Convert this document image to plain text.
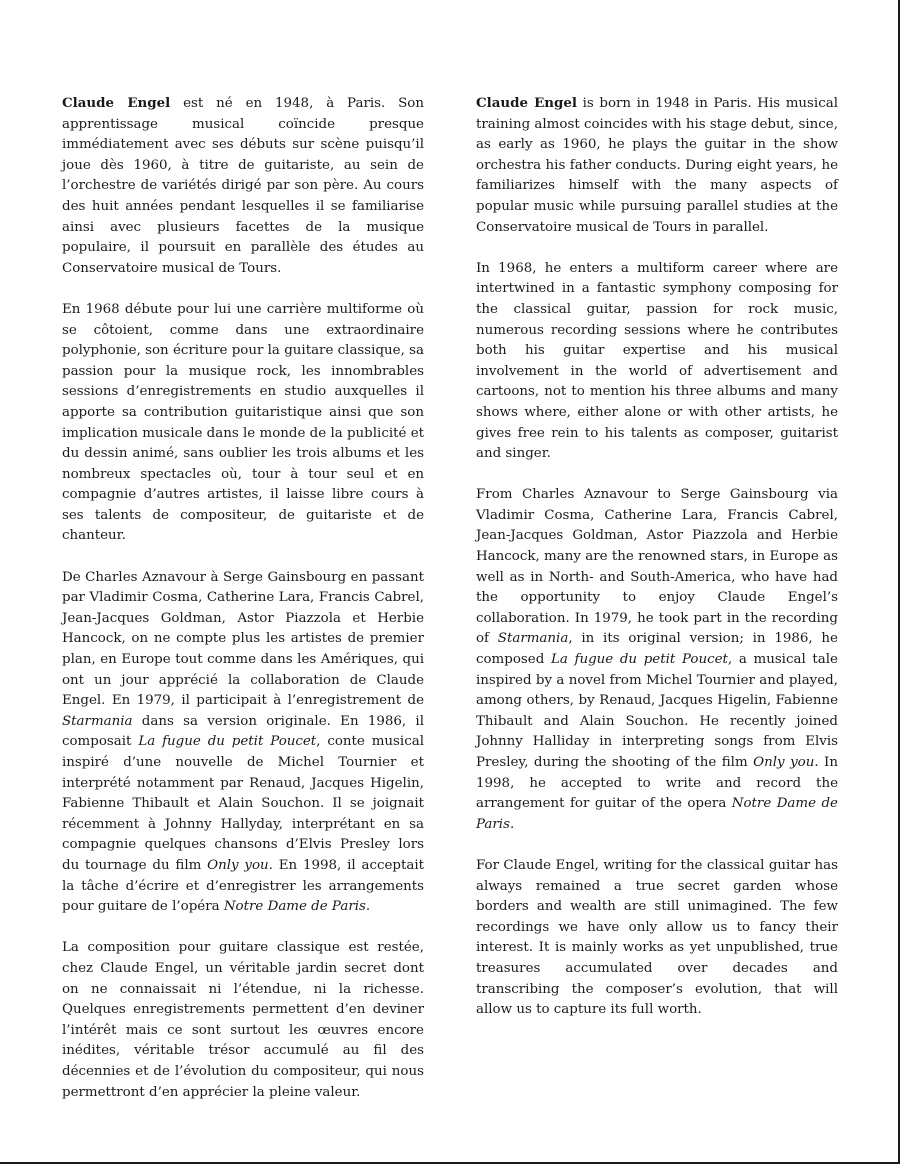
Claude Engel est né en 1948, à Paris. Son apprentissage musical coïncide presque immédiatement avec ses débuts sur scène puisqu’il joue dès 1960, à titre de guitariste, au sein de l’orchestre de variétés dirigé par son père. Au cours des huit années pendant lesquelles il se familiarise ainsi avec plusieurs facettes de la musique populaire, il poursuit en parallèle des études au Conservatoire musical de Tours.

En 1968 débute pour lui une carrière multiforme où se côtoient, comme dans une extraordinaire polyphonie, son écriture pour la guitare classique, sa passion pour la musique rock, les innombrables sessions d’enregistrements en studio auxquelles il apporte sa contribution guitaristique ainsi que son implication musicale dans le monde de la publicité et du dessin animé, sans oublier les trois albums et les nombreux spectacles où, tour à tour seul et en compagnie d’autres artistes, il laisse libre cours à ses talents de compositeur, de guitariste et de chanteur.

De Charles Aznavour à Serge Gainsbourg en passant par Vladimir Cosma, Catherine Lara, Francis Cabrel, Jean-Jacques Goldman, Astor Piazzola et Herbie Hancock, on ne compte plus les artistes de premier plan, en Europe tout comme dans les Amériques, qui ont un jour apprécié la collaboration de Claude Engel. En 1979, il participait à l’enregistrement de Starmania dans sa version originale. En 1986, il composait La fugue du petit Poucet, conte musical inspiré d’une nouvelle de Michel Tournier et interprété notamment par Renaud, Jacques Higelin, Fabienne Thibault et Alain Souchon. Il se joignait récemment à Johnny Hallyday, interprétant en sa compagnie quelques chansons d’Elvis Presley lors du tournage du film Only you. En 1998, il acceptait la tâche d’écrire et d’enregistrer les arrangements pour guitare de l’opéra Notre Dame de Paris.

La composition pour guitare classique est restée, chez Claude Engel, un véritable jardin secret dont on ne connaissait ni l’étendue, ni la richesse. Quelques enregistrements permettent d’en deviner l’intérêt mais ce sont surtout les œuvres encore inédites, véritable trésor accumulé au fil des décennies et de l’évolution du compositeur, qui nous permettront d’en apprécier la pleine valeur.

Claude Engel is born in 1948 in Paris. His musical training almost coincides with his stage debut, since, as early as 1960, he plays the guitar in the show orchestra his father conducts. During eight years, he familiarizes himself with the many aspects of popular music while pursuing parallel studies at the Conservatoire musical de Tours in parallel.

In 1968, he enters a multiform career where are intertwined in a fantastic symphony composing for the classical guitar, passion for rock music, numerous recording sessions where he contributes both his guitar expertise and his musical involvement in the world of advertisement and cartoons, not to mention his three albums and many shows where, either alone or with other artists, he gives free rein to his talents as composer, guitarist and singer.

From Charles Aznavour to Serge Gainsbourg via Vladimir Cosma, Catherine Lara, Francis Cabrel, Jean-Jacques Goldman, Astor Piazzola and Herbie Hancock, many are the renowned stars, in Europe as well as in North- and South-America, who have had the opportunity to enjoy Claude Engel’s collaboration. In 1979, he took part in the recording of Starmania, in its original version; in 1986, he composed La fugue du petit Poucet, a musical tale inspired by a novel from Michel Tournier and played, among others, by Renaud, Jacques Higelin, Fabienne Thibault and Alain Souchon. He recently joined Johnny Halliday in interpreting songs from Elvis Presley, during the shooting of the film Only you. In 1998, he accepted to write and record the arrangement for guitar of the opera Notre Dame de Paris.

For Claude Engel, writing for the classical guitar has always remained a true secret garden whose borders and wealth are still unimagined. The few recordings we have only allow us to fancy their interest. It is mainly works as yet unpublished, true treasures accumulated over decades and transcribing the composer’s evolution, that will allow us to capture its full worth.
